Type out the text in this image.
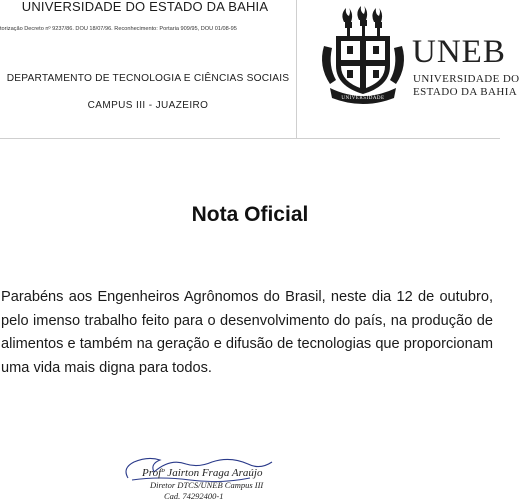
UNIVERSIDADE DO ESTADO DA BAHIA
torização Decreto nº 9237/86. DOU 18/07/96. Reconhecimento: Portaria 909/95, DOU 01/08-95
DEPARTAMENTO DE TECNOLOGIA E CIÊNCIAS SOCIAIS
CAMPUS III - JUAZEIRO
UNIVERSIDADE
UNEB
UNIVERSIDADE DO
ESTADO DA BAHIA
Nota Oficial
Parabéns aos Engenheiros Agrônomos do Brasil, neste dia 12 de outubro, pelo imenso trabalho feito para o desenvolvimento do país, na produção de alimentos e também na geração e difusão de tecnologias que proporcionam uma vida mais digna para todos.
Profº Jairton Fraga Araújo
Diretor DTCS/UNEB Campus III
Cad. 74292400-1
